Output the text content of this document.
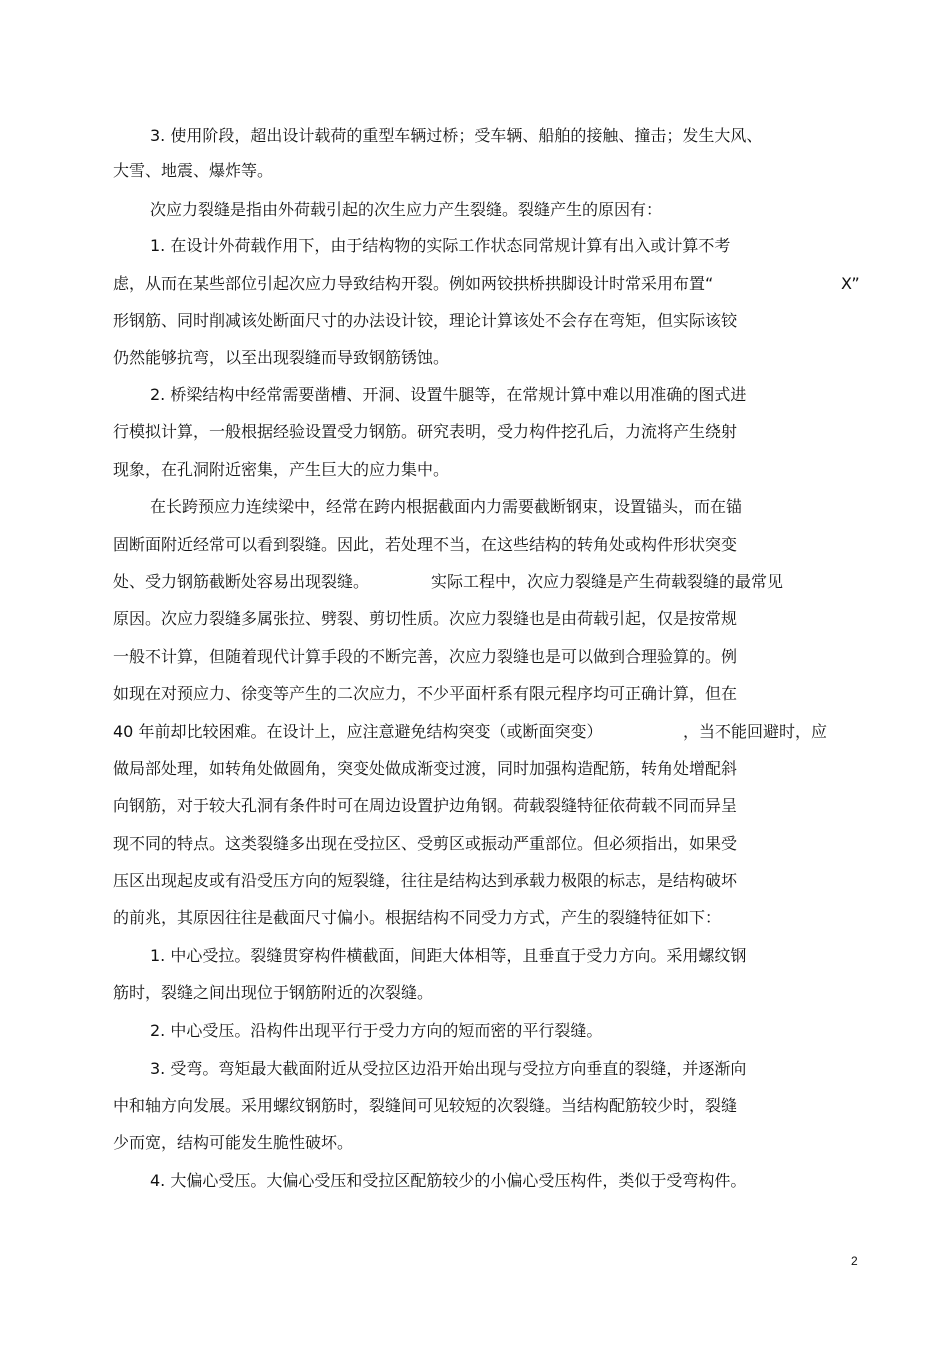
3. 使用阶段，超出设计载荷的重型车辆过桥；受车辆、船舶的接触、撞击；发生大风、
大雪、地震、爆炸等。
次应力裂缝是指由外荷载引起的次生应力产生裂缝。裂缝产生的原因有：
1. 在设计外荷载作用下，由于结构物的实际工作状态同常规计算有出入或计算不考
虑，从而在某些部位引起次应力导致结构开裂。例如两铰拱桥拱脚设计时常采用布置“	X”
形钢筋、同时削减该处断面尺寸的办法设计铰，理论计算该处不会存在弯矩，但实际该铰
仍然能够抗弯，以至出现裂缝而导致钢筋锈蚀。
2. 桥梁结构中经常需要凿槽、开洞、设置牛腿等，在常规计算中难以用准确的图式进
行模拟计算，一般根据经验设置受力钢筋。研究表明，受力构件挖孔后，力流将产生绕射
现象，在孔洞附近密集，产生巨大的应力集中。
在长跨预应力连续梁中，经常在跨内根据截面内力需要截断钢束，设置锚头，而在锚
固断面附近经常可以看到裂缝。因此，若处理不当，在这些结构的转角处或构件形状突变
处、受力钢筋截断处容易出现裂缝。	实际工程中，次应力裂缝是产生荷载裂缝的最常见
原因。次应力裂缝多属张拉、劈裂、剪切性质。次应力裂缝也是由荷载引起，仅是按常规
一般不计算，但随着现代计算手段的不断完善，次应力裂缝也是可以做到合理验算的。例
如现在对预应力、徐变等产生的二次应力，不少平面杆系有限元程序均可正确计算，但在
40 年前却比较困难。在设计上，应注意避免结构突变（或断面突变）	，当不能回避时，应
做局部处理，如转角处做圆角，突变处做成渐变过渡，同时加强构造配筋，转角处增配斜
向钢筋，对于较大孔洞有条件时可在周边设置护边角钢。荷载裂缝特征依荷载不同而异呈
现不同的特点。这类裂缝多出现在受拉区、受剪区或振动严重部位。但必须指出，如果受
压区出现起皮或有沿受压方向的短裂缝，往往是结构达到承载力极限的标志，是结构破坏
的前兆，其原因往往是截面尺寸偏小。根据结构不同受力方式，产生的裂缝特征如下：
1. 中心受拉。裂缝贯穿构件横截面，间距大体相等，且垂直于受力方向。采用螺纹钢
筋时，裂缝之间出现位于钢筋附近的次裂缝。
2. 中心受压。沿构件出现平行于受力方向的短而密的平行裂缝。
3. 受弯。弯矩最大截面附近从受拉区边沿开始出现与受拉方向垂直的裂缝，并逐渐向
中和轴方向发展。采用螺纹钢筋时，裂缝间可见较短的次裂缝。当结构配筋较少时，裂缝
少而宽，结构可能发生脆性破坏。
4. 大偏心受压。大偏心受压和受拉区配筋较少的小偏心受压构件，类似于受弯构件。
2
